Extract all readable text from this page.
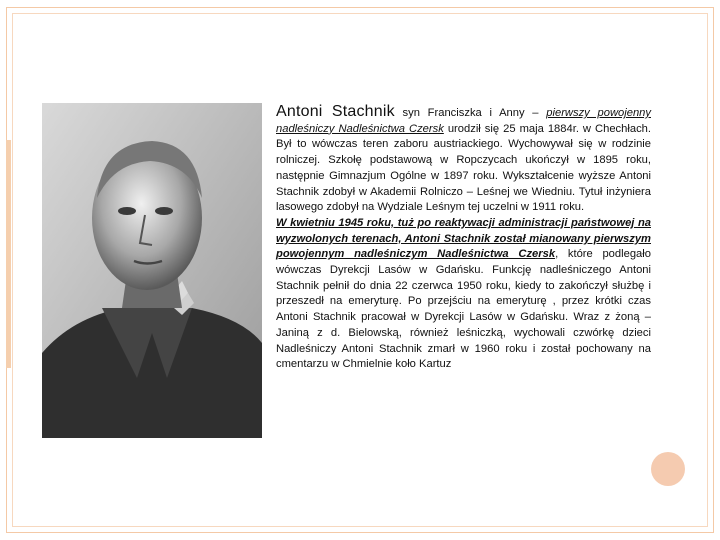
Antoni Stachnik syn Franciszka i Anny – pierwszy powojenny nadleśniczy Nadleśnictwa Czersk urodził się 25 maja 1884r. w Chechłach. Był to wówczas teren zaboru austriackiego. Wychowywał się w rodzinie rolniczej. Szkołę podstawową w Ropczycach ukończył w 1895 roku, następnie Gimnazjum Ogólne w 1897 roku. Wykształcenie wyższe Antoni Stachnik zdobył w Akademii Rolniczo – Leśnej we Wiedniu. Tytuł inżyniera lasowego zdobył na Wydziale Leśnym tej uczelni w 1911 roku.
W kwietniu 1945 roku, tuż po reaktywacji administracji państwowej na wyzwolonych terenach, Antoni Stachnik został mianowany pierwszym powojennym nadleśniczym Nadleśnictwa Czersk, które podlegało wówczas Dyrekcji Lasów w Gdańsku. Funkcję nadleśniczego Antoni Stachnik pełnił do dnia 22 czerwca 1950 roku, kiedy to zakończył służbę i przeszedł na emeryturę. Po przejściu na emeryturę , przez krótki czas Antoni Stachnik pracował w Dyrekcji Lasów w Gdańsku. Wraz z żoną – Janiną z d. Bielowską, również leśniczką, wychowali czwórkę dzieci Nadleśniczy Antoni Stachnik zmarł w 1960 roku i został pochowany na cmentarzu w Chmielnie koło Kartuz
